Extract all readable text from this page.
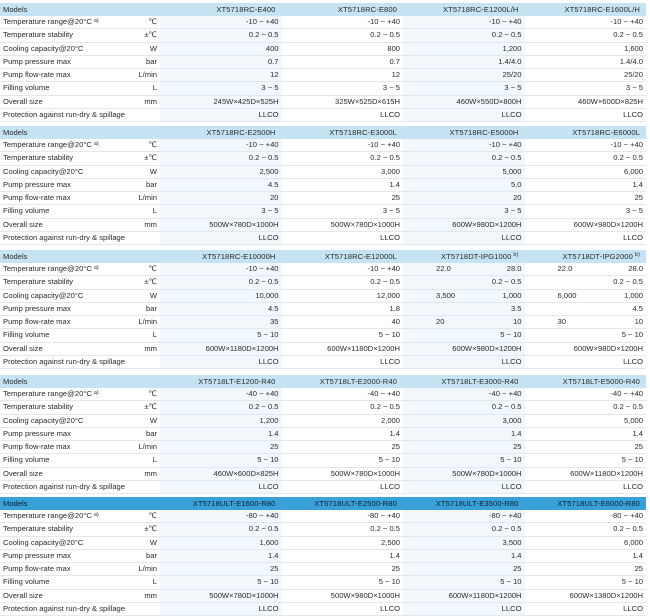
Models		XT5718RC-E400	XT5718RC-E800	XT5718RC-E1200L/H	XT5718RC-E1600L/H
Temperature range@20°C $^{a)}$	℃	-10 ~ +40	-10 ~ +40	-10 ~ +40	-10 ~ +40
Temperature stability	±℃	0.2 ~ 0.5	0.2 ~ 0.5	0.2 ~ 0.5	0.2 ~ 0.5
Cooling capacity@20°C	W	400	800	1,200	1,600
Pump pressure max	bar	0.7	0.7	1.4/4.0	1.4/4.0
Pump flow-rate max	L/min	12	12	25/20	25/20
Filling volume	L	3 ~ 5	3 ~ 5	3 ~ 5	3 ~ 5
Overall size	mm	245W×425D×525H	325W×525D×615H	460W×550D×800H	460W×600D×825H
Protection against run-dry & spillage		LLCO	LLCO	LLCO	LLCO
Models		XT5718RC-E2500H	XT5718RC-E3000L	XT5718RC-E5000H	XT5718RC-E6000L
Temperature range@20°C $^{a)}$	℃	-10 ~ +40	-10 ~ +40	-10 ~ +40	-10 ~ +40
Temperature stability	±℃	0.2 ~ 0.5	0.2 ~ 0.5	0.2 ~ 0.5	0.2 ~ 0.5
Cooling capacity@20°C	W	2,500	3,000	5,000	6,000
Pump pressure max	bar	4.5	1.4	5.0	1.4
Pump flow-rate max	L/min	20	25	20	25
Filling volume	L	3 ~ 5	3 ~ 5	3 ~ 5	3 ~ 5
Overall size	mm	500W×780D×1000H	500W×780D×1000H	600W×980D×1200H	600W×980D×1200H
Protection against run-dry & spillage		LLCO	LLCO	LLCO	LLCO
Models		XT5718RC-E10000H	XT5718RC-E12000L	XT5718DT-IPG1000 $^{b)}$	XT5718DT-IPG2000 $^{b)}$
Temperature range@20°C $^{a)}$	℃	-10 ~ +40	-10 ~ +40	22.0 28.0	22.0 28.0
Temperature stability	±℃	0.2 ~ 0.5	0.2 ~ 0.5	0.2 ~ 0.5	0.2 ~ 0.5
Cooling capacity@20°C	W	10,000	12,000	3,500 1,000	6,000 1,000
Pump pressure max	bar	4.5	1.8	3.5	4.5
Pump flow-rate max	L/min	35	40	20 10	30 10
Filling volume	L	5 ~ 10	5 ~ 10	5 ~ 10	5 ~ 10
Overall size	mm	600W×1180D×1200H	600W×1180D×1200H	600W×980D×1200H	600W×980D×1200H
Protection against run-dry & spillage		LLCO	LLCO	LLCO	LLCO
Models		XT5718LT-E1200-R40	XT5718LT-E2000-R40	XT5718LT-E3000-R40	XT5718LT-E5000-R40
Temperature range@20°C $^{a)}$	℃	-40 ~ +40	-40 ~ +40	-40 ~ +40	-40 ~ +40
Temperature stability	±℃	0.2 ~ 0.5	0.2 ~ 0.5	0.2 ~ 0.5	0.2 ~ 0.5
Cooling capacity@20°C	W	1,200	2,000	3,000	5,000
Pump pressure max	bar	1.4	1.4	1.4	1.4
Pump flow-rate max	L/min	25	25	25	25
Filling volume	L	5 ~ 10	5 ~ 10	5 ~ 10	5 ~ 10
Overall size	mm	460W×600D×825H	500W×780D×1000H	500W×780D×1000H	600W×1180D×1200H
Protection against run-dry & spillage		LLCO	LLCO	LLCO	LLCO
Models		XT5718ULT-E1600-R80	XT5718ULT-E2500-R80	XT5718ULT-E3500-R80	XT5718ULT-E6000-R80
Temperature range@20°C $^{a)}$	℃	-80 ~ +40	-80 ~ +40	-80 ~ +40	-80 ~ +40
Temperature stability	±℃	0.2 ~ 0.5	0.2 ~ 0.5	0.2 ~ 0.5	0.2 ~ 0.5
Cooling capacity@20°C	W	1,600	2,500	3,500	6,000
Pump pressure max	bar	1.4	1.4	1.4	1.4
Pump flow-rate max	L/min	25	25	25	25
Filling volume	L	5 ~ 10	5 ~ 10	5 ~ 10	5 ~ 10
Overall size	mm	500W×780D×1000H	500W×980D×1000H	600W×1180D×1200H	600W×1380D×1200H
Protection against run-dry & spillage		LLCO	LLCO	LLCO	LLCO
